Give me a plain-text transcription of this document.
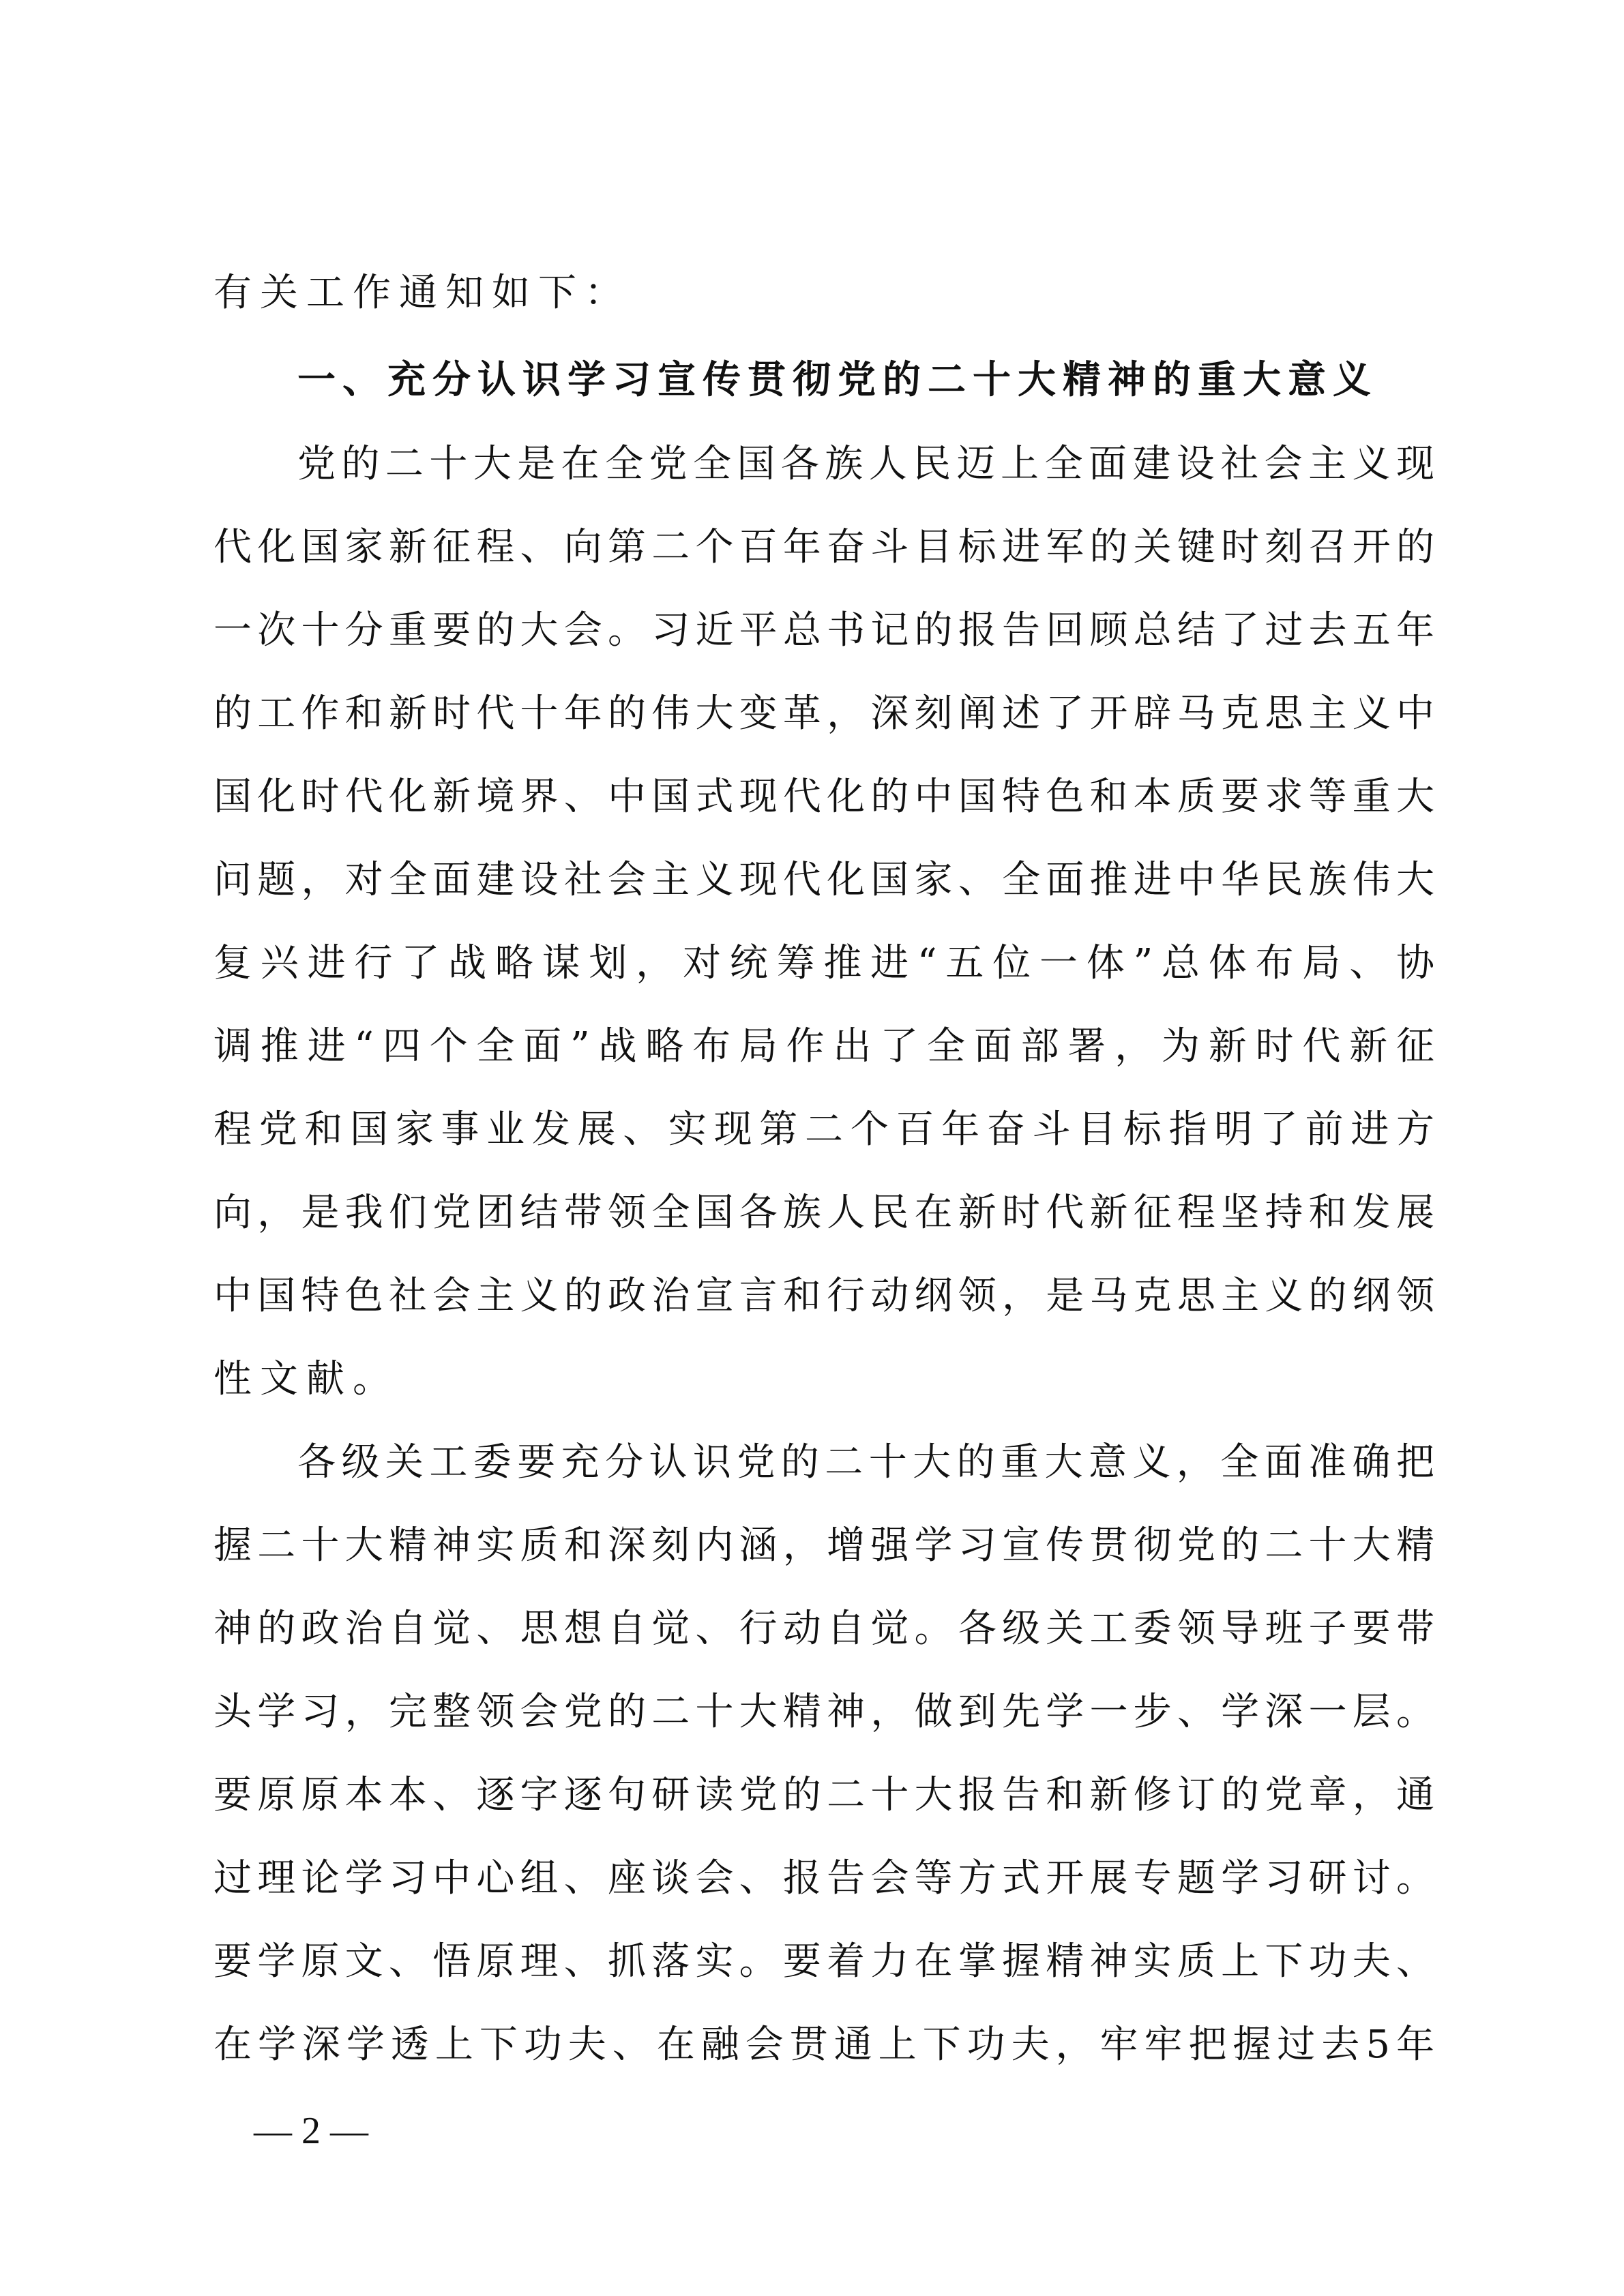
有关工作通知如下：
一、充分认识学习宣传贯彻党的二十大精神的重大意义
党的二十大是在全党全国各族人民迈上全面建设社会主义现
代化国家新征程、向第二个百年奋斗目标进军的关键时刻召开的
一次十分重要的大会。习近平总书记的报告回顾总结了过去五年
的工作和新时代十年的伟大变革，深刻阐述了开辟马克思主义中
国化时代化新境界、中国式现代化的中国特色和本质要求等重大
问题，对全面建设社会主义现代化国家、全面推进中华民族伟大
复兴进行了战略谋划，对统筹推进“五位一体”总体布局、协
调推进“四个全面”战略布局作出了全面部署，为新时代新征
程党和国家事业发展、实现第二个百年奋斗目标指明了前进方
向，是我们党团结带领全国各族人民在新时代新征程坚持和发展
中国特色社会主义的政治宣言和行动纲领，是马克思主义的纲领
性文献。
各级关工委要充分认识党的二十大的重大意义，全面准确把
握二十大精神实质和深刻内涵，增强学习宣传贯彻党的二十大精
神的政治自觉、思想自觉、行动自觉。各级关工委领导班子要带
头学习，完整领会党的二十大精神，做到先学一步、学深一层。
要原原本本、逐字逐句研读党的二十大报告和新修订的党章，通
过理论学习中心组、座谈会、报告会等方式开展专题学习研讨。
要学原文、悟原理、抓落实。要着力在掌握精神实质上下功夫、
在学深学透上下功夫、在融会贯通上下功夫，牢牢把握过去5年
— 2 —
